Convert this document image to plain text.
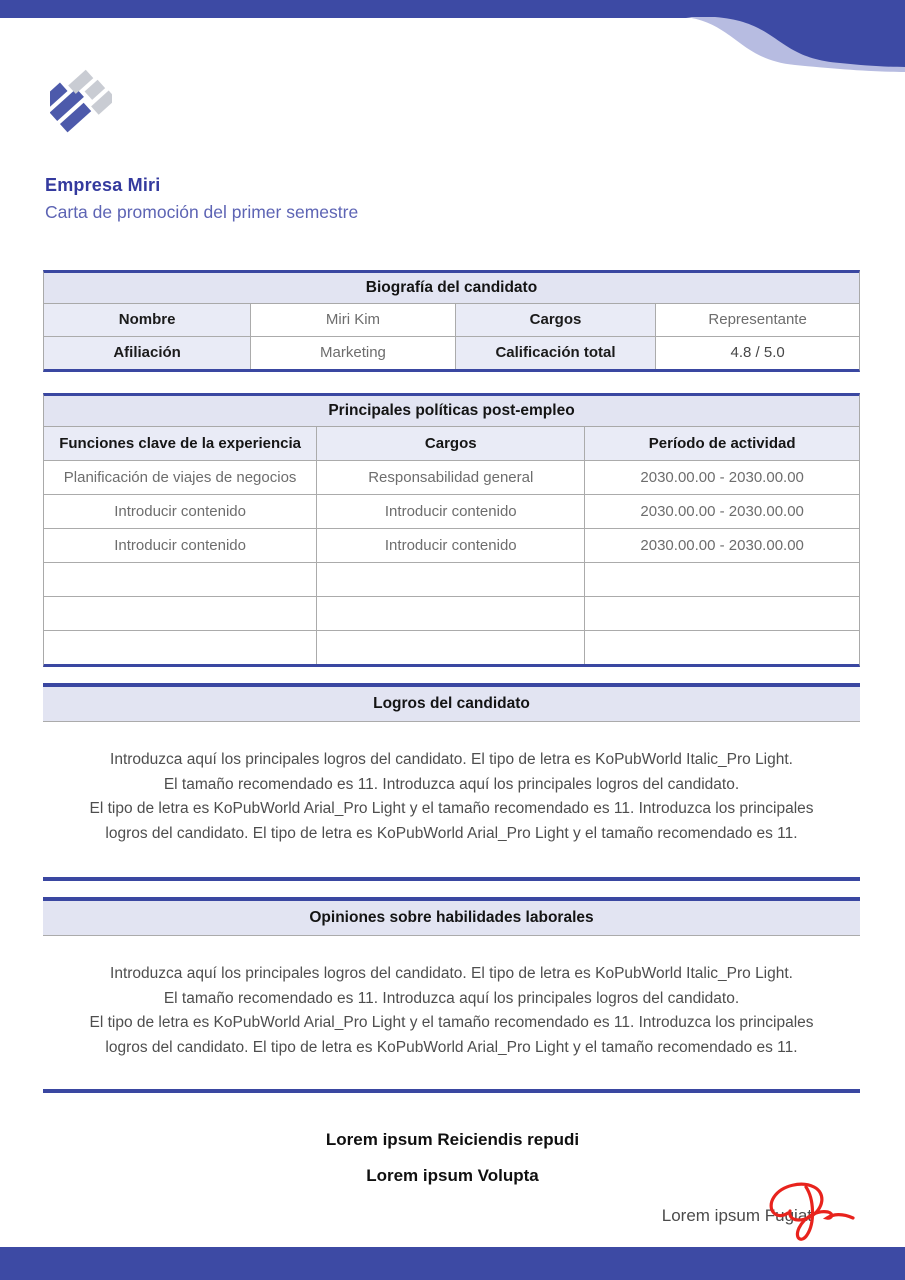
Empresa Miri
Carta de promoción del primer semestre
Biografía del candidato
Nombre	Miri Kim	Cargos	Representante
Afiliación	Marketing	Calificación total	4.8 / 5.0
Principales políticas post-empleo
Funciones clave de la experiencia	Cargos	Período de actividad
Planificación de viajes de negocios	Responsabilidad general	2030.00.00 - 2030.00.00
Introducir contenido	Introducir contenido	2030.00.00 - 2030.00.00
Introducir contenido	Introducir contenido	2030.00.00 - 2030.00.00
Logros del candidato
Introduzca aquí los principales logros del candidato. El tipo de letra es KoPubWorld Italic_Pro Light.
El tamaño recomendado es 11. Introduzca aquí los principales logros del candidato.
El tipo de letra es KoPubWorld Arial_Pro Light y el tamaño recomendado es 11. Introduzca los principales
logros del candidato. El tipo de letra es KoPubWorld Arial_Pro Light y el tamaño recomendado es 11.
Opiniones sobre habilidades laborales
Introduzca aquí los principales logros del candidato. El tipo de letra es KoPubWorld Italic_Pro Light.
El tamaño recomendado es 11. Introduzca aquí los principales logros del candidato.
El tipo de letra es KoPubWorld Arial_Pro Light y el tamaño recomendado es 11. Introduzca los principales
logros del candidato. El tipo de letra es KoPubWorld Arial_Pro Light y el tamaño recomendado es 11.
Lorem ipsum Reiciendis repudi
Lorem ipsum Volupta
Lorem ipsum Fugiat
